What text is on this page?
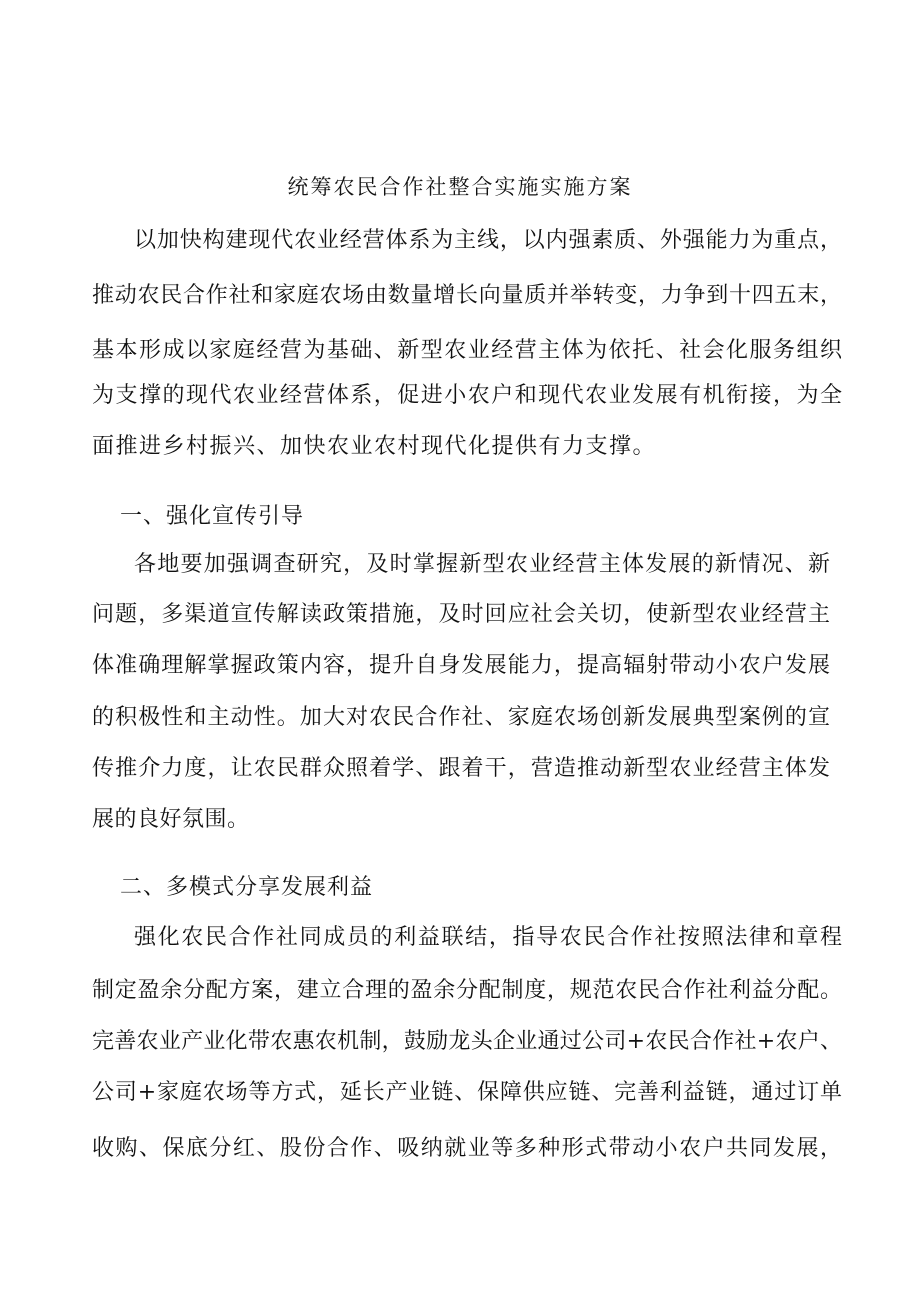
统筹农民合作社整合实施实施方案
以加快构建现代农业经营体系为主线，以内强素质、外强能力为重点，
推动农民合作社和家庭农场由数量增长向量质并举转变，力争到十四五末，
基本形成以家庭经营为基础、新型农业经营主体为依托、社会化服务组织
为支撑的现代农业经营体系，促进小农户和现代农业发展有机衔接，为全
面推进乡村振兴、加快农业农村现代化提供有力支撑。
一、强化宣传引导
各地要加强调查研究，及时掌握新型农业经营主体发展的新情况、新
问题，多渠道宣传解读政策措施，及时回应社会关切，使新型农业经营主
体准确理解掌握政策内容，提升自身发展能力，提高辐射带动小农户发展
的积极性和主动性。加大对农民合作社、家庭农场创新发展典型案例的宣
传推介力度，让农民群众照着学、跟着干，营造推动新型农业经营主体发
展的良好氛围。
二、多模式分享发展利益
强化农民合作社同成员的利益联结，指导农民合作社按照法律和章程
制定盈余分配方案，建立合理的盈余分配制度，规范农民合作社利益分配。
完善农业产业化带农惠农机制，鼓励龙头企业通过公司+农民合作社+农户、
公司+家庭农场等方式，延长产业链、保障供应链、完善利益链，通过订单
收购、保底分红、股份合作、吸纳就业等多种形式带动小农户共同发展，
